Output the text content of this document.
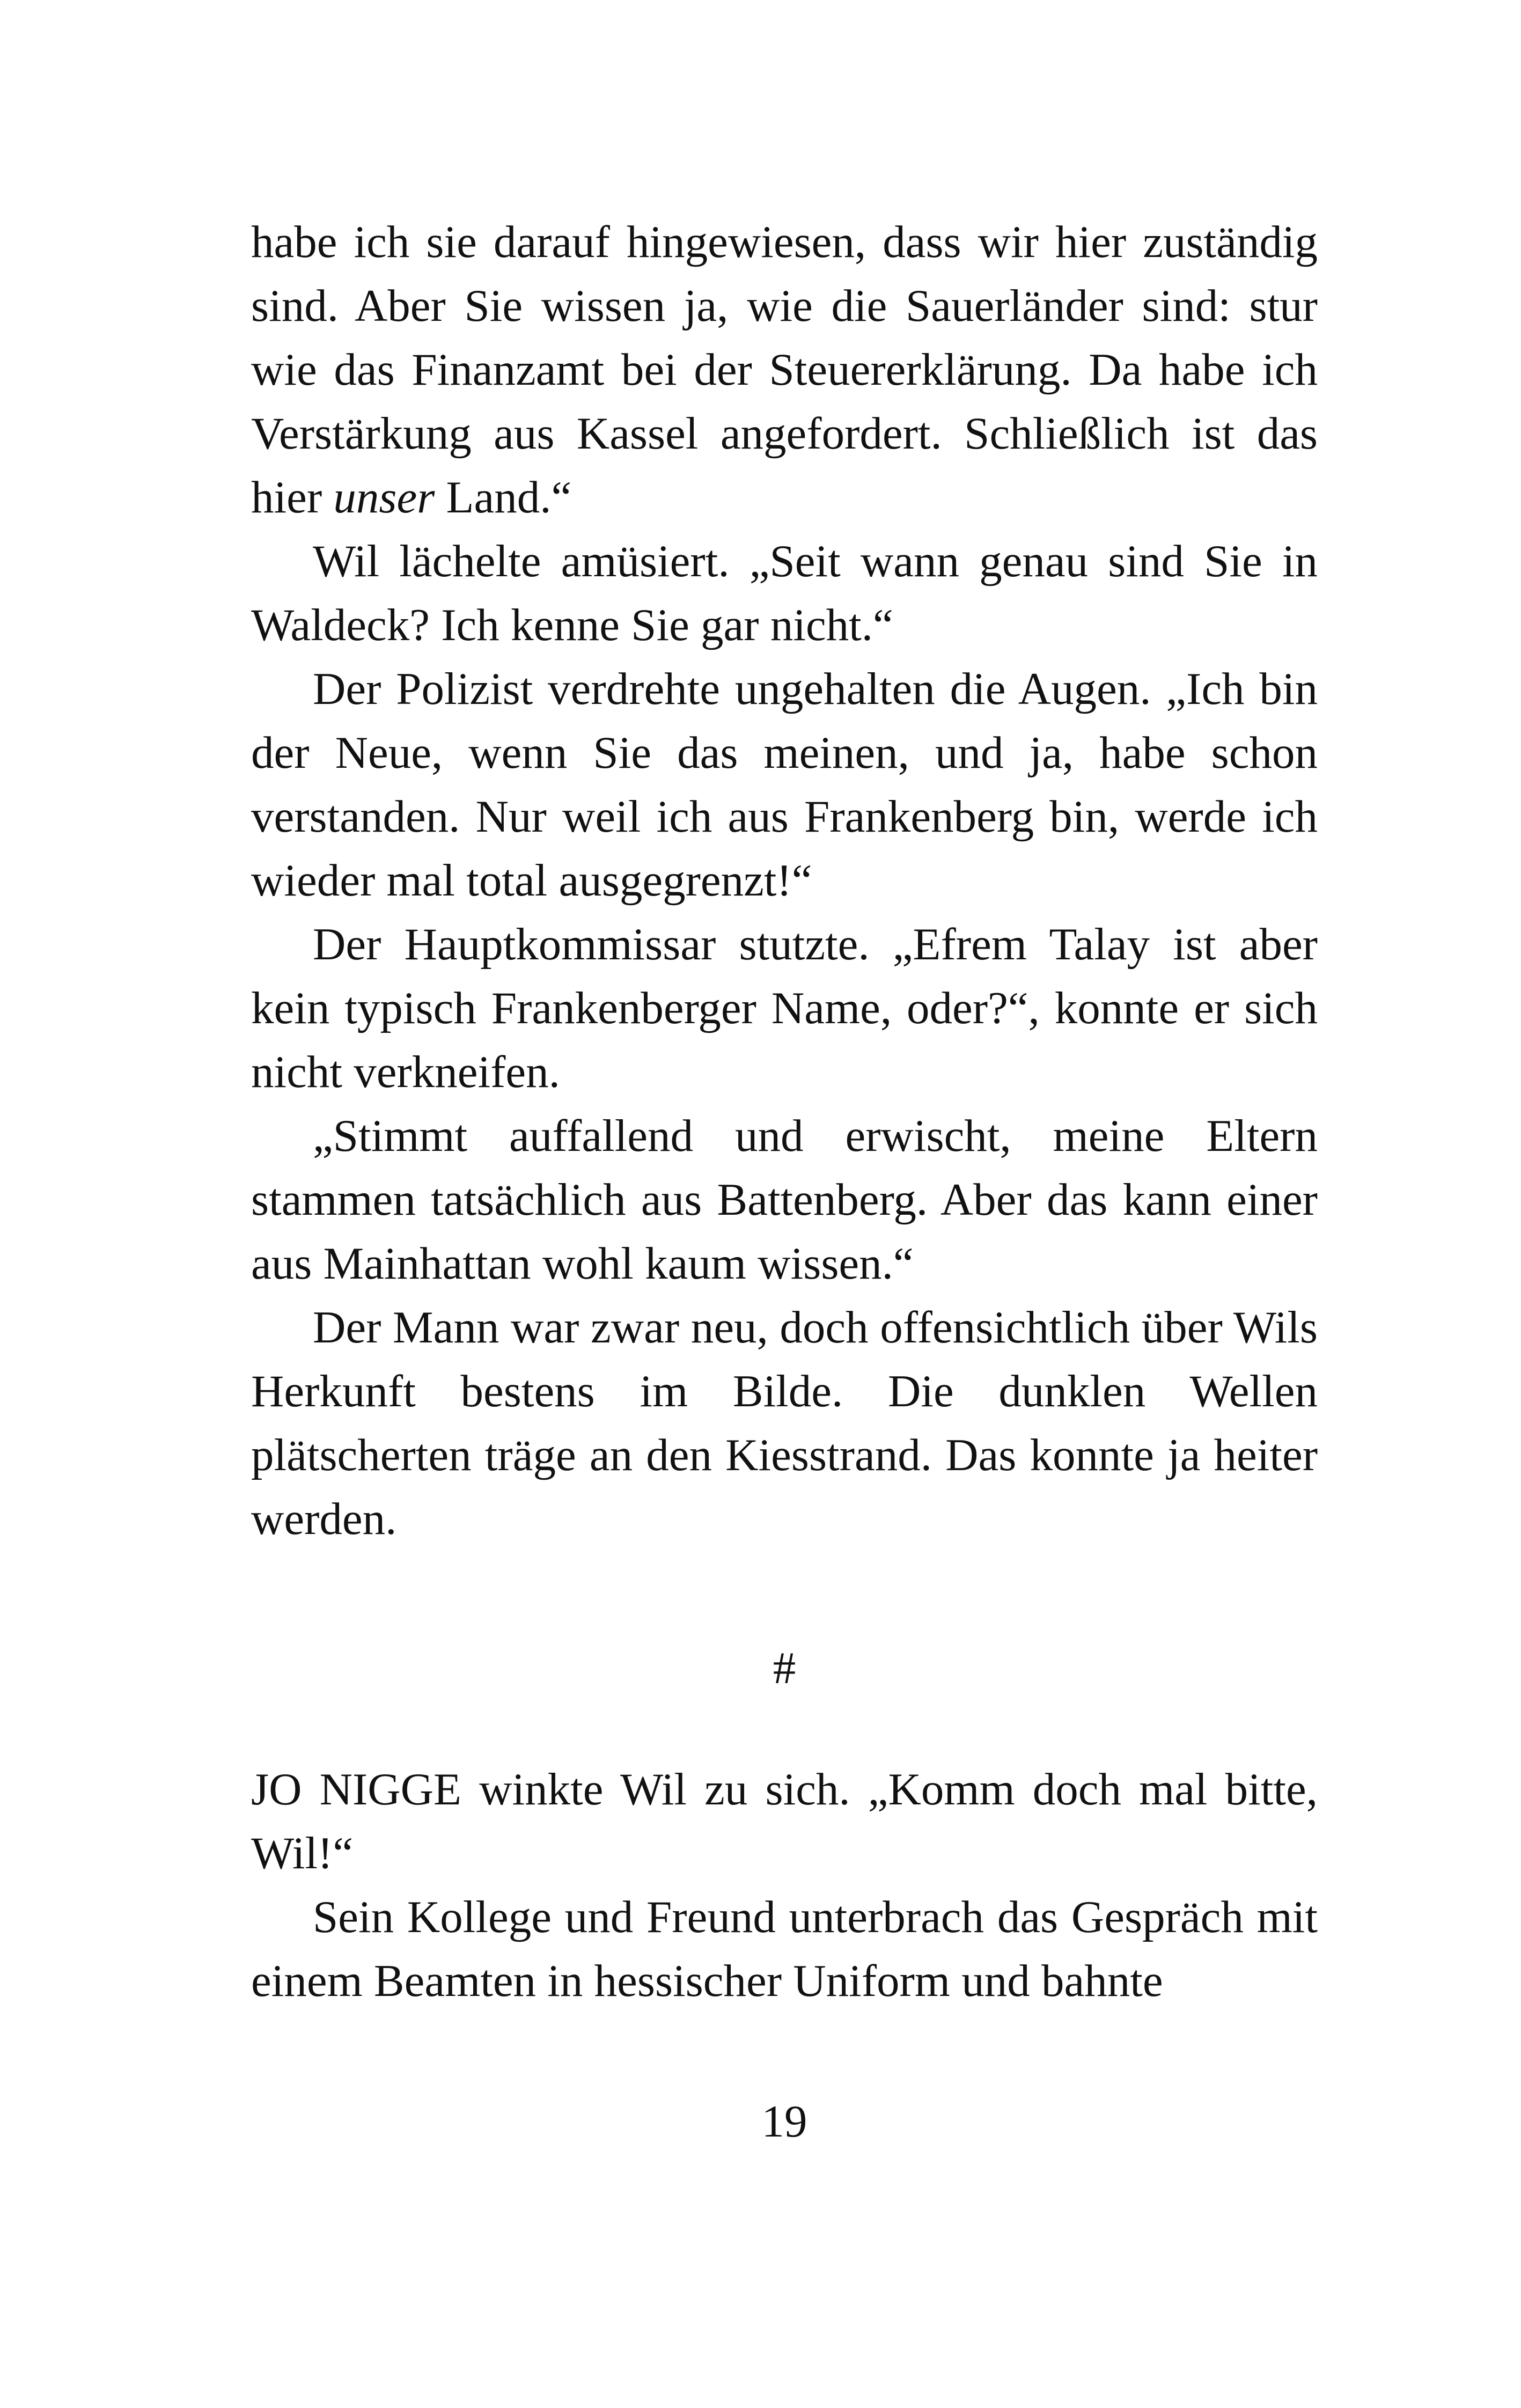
habe ich sie darauf hingewiesen, dass wir hier zuständig sind. Aber Sie wissen ja, wie die Sauerländer sind: stur wie das Finanzamt bei der Steuererklärung. Da habe ich Verstärkung aus Kassel angefordert. Schließlich ist das hier unser Land.“

Wil lächelte amüsiert. „Seit wann genau sind Sie in Waldeck? Ich kenne Sie gar nicht.“

Der Polizist verdrehte ungehalten die Augen. „Ich bin der Neue, wenn Sie das meinen, und ja, habe schon verstanden. Nur weil ich aus Frankenberg bin, werde ich wieder mal total ausgegrenzt!“

Der Hauptkommissar stutzte. „Efrem Talay ist aber kein typisch Frankenberger Name, oder?“, konnte er sich nicht verkneifen.

„Stimmt auffallend und erwischt, meine Eltern stammen tatsächlich aus Battenberg. Aber das kann einer aus Mainhattan wohl kaum wissen.“

Der Mann war zwar neu, doch offensichtlich über Wils Herkunft bestens im Bilde. Die dunklen Wellen plätscherten träge an den Kiesstrand. Das konnte ja heiter werden.

#

JO NIGGE winkte Wil zu sich. „Komm doch mal bitte, Wil!“

Sein Kollege und Freund unterbrach das Gespräch mit einem Beamten in hessischer Uniform und bahnte

19
